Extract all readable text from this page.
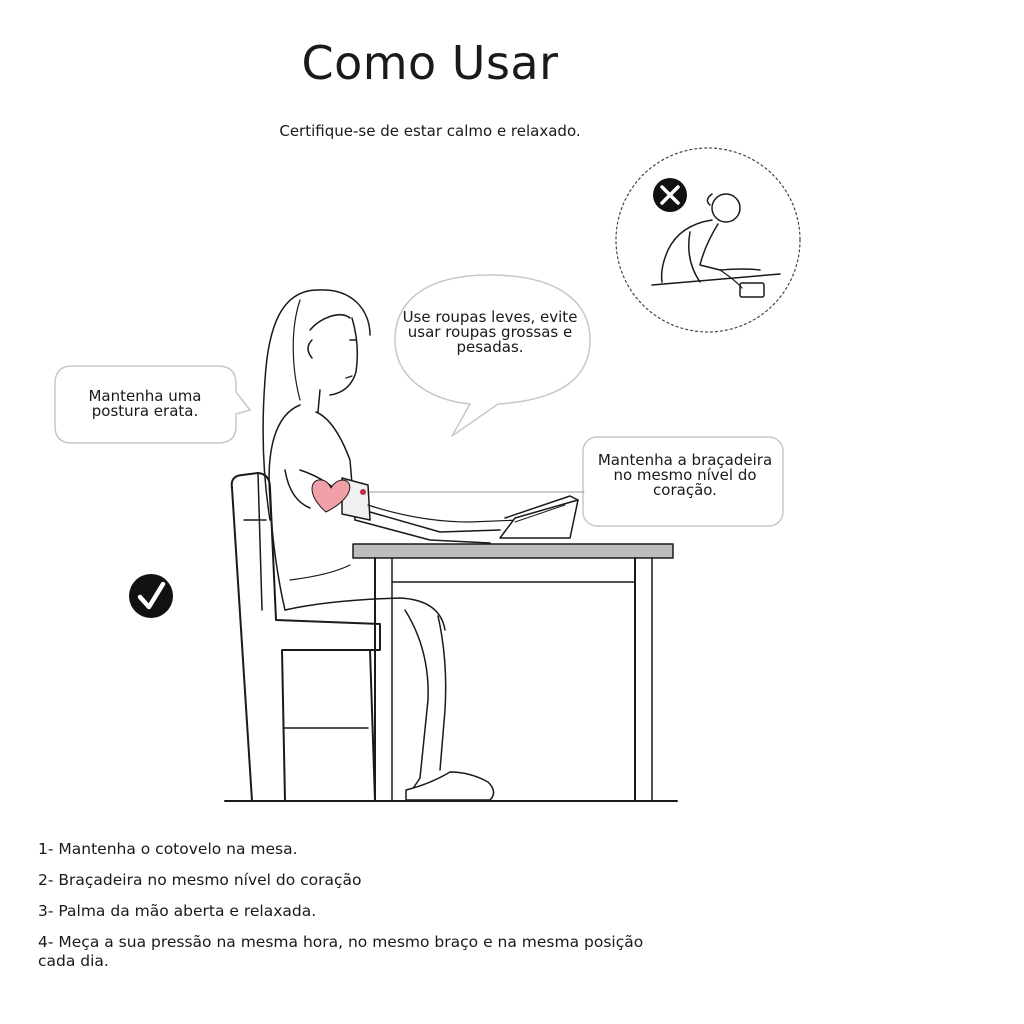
Como Usar
Certifique-se de estar calmo e relaxado.
Mantenha uma postura erata.
Use roupas leves, evite usar roupas grossas e pesadas.
Mantenha a braçadeira no mesmo nível do coração.
1- Mantenha o cotovelo na mesa.
2- Braçadeira no mesmo nível do coração
3- Palma da mão aberta e relaxada.
4- Meça a sua pressão na mesma hora, no mesmo braço e na mesma posição cada dia.
